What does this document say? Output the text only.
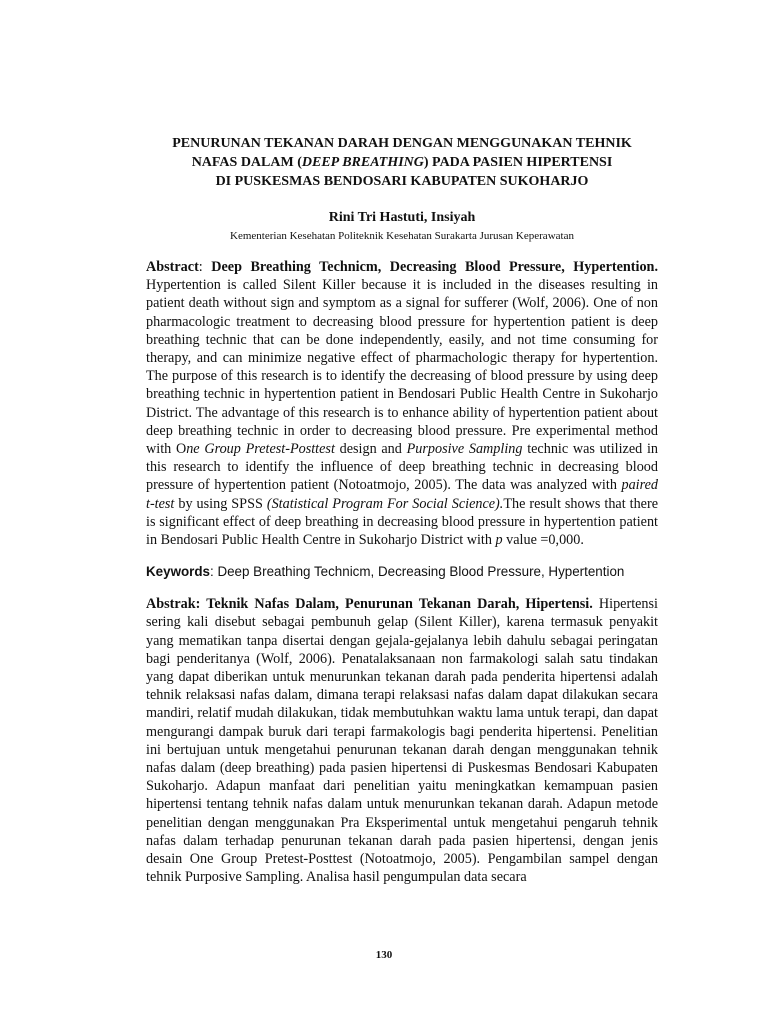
PENURUNAN TEKANAN DARAH DENGAN MENGGUNAKAN TEHNIK
NAFAS DALAM (DEEP BREATHING) PADA PASIEN HIPERTENSI
DI PUSKESMAS BENDOSARI KABUPATEN SUKOHARJO

Rini Tri Hastuti, Insiyah

Kementerian Kesehatan Politeknik Kesehatan Surakarta Jurusan Keperawatan

Abstract: Deep Breathing Technicm, Decreasing Blood Pressure, Hypertention. Hypertention is called Silent Killer because it is included in the diseases resulting in patient death without sign and symptom as a signal for sufferer (Wolf, 2006). One of non pharmacologic treatment to decreasing blood pressure for hypertention patient is deep breathing technic that can be done independently, easily, and not time consuming for therapy, and can minimize negative effect of pharmachologic therapy for hypertention. The purpose of this research is to identify the decreasing of blood pressure by using deep breathing technic in hypertention patient in Bendosari Public Health Centre in Sukoharjo District. The advantage of this research is to enhance ability of hypertention patient about deep breathing technic in order to decreasing blood pressure. Pre experimental method with One Group Pretest-Posttest design and Purposive Sampling technic was utilized in this research to identify the influence of deep breathing technic in decreasing blood pressure of hypertention patient (Notoatmojo, 2005). The data was analyzed with paired t-test by using SPSS (Statistical Program For Social Science).The result shows that there is significant effect of deep breathing in decreasing blood pressure in hypertention patient in Bendosari Public Health Centre in Sukoharjo District with p value =0,000.

Keywords: Deep Breathing Technicm, Decreasing Blood Pressure, Hypertention

Abstrak: Teknik Nafas Dalam, Penurunan Tekanan Darah, Hipertensi. Hipertensi sering kali disebut sebagai pembunuh gelap (Silent Killer), karena termasuk penyakit yang mematikan tanpa disertai dengan gejala-gejalanya lebih dahulu sebagai peringatan bagi penderitanya (Wolf, 2006). Penatalaksanaan non farmakologi salah satu tindakan yang dapat diberikan untuk menurunkan tekanan darah pada penderita hipertensi adalah tehnik relaksasi nafas dalam, dimana terapi relaksasi nafas dalam dapat dilakukan secara mandiri, relatif mudah dilakukan, tidak membutuhkan waktu lama untuk terapi, dan dapat mengurangi dampak buruk dari terapi farmakologis bagi penderita hipertensi. Penelitian ini bertujuan untuk mengetahui penurunan tekanan darah dengan menggunakan tehnik nafas dalam (deep breathing) pada pasien hipertensi di Puskesmas Bendosari Kabupaten Sukoharjo. Adapun manfaat dari penelitian yaitu meningkatkan kemampuan pasien hipertensi tentang tehnik nafas dalam untuk menurunkan tekanan darah. Adapun metode penelitian dengan menggunakan Pra Eksperimental untuk mengetahui pengaruh tehnik nafas dalam terhadap penurunan tekanan darah pada pasien hipertensi, dengan jenis desain One Group Pretest-Posttest (Notoatmojo, 2005). Pengambilan sampel dengan tehnik Purposive Sampling. Analisa hasil pengumpulan data secara

130
